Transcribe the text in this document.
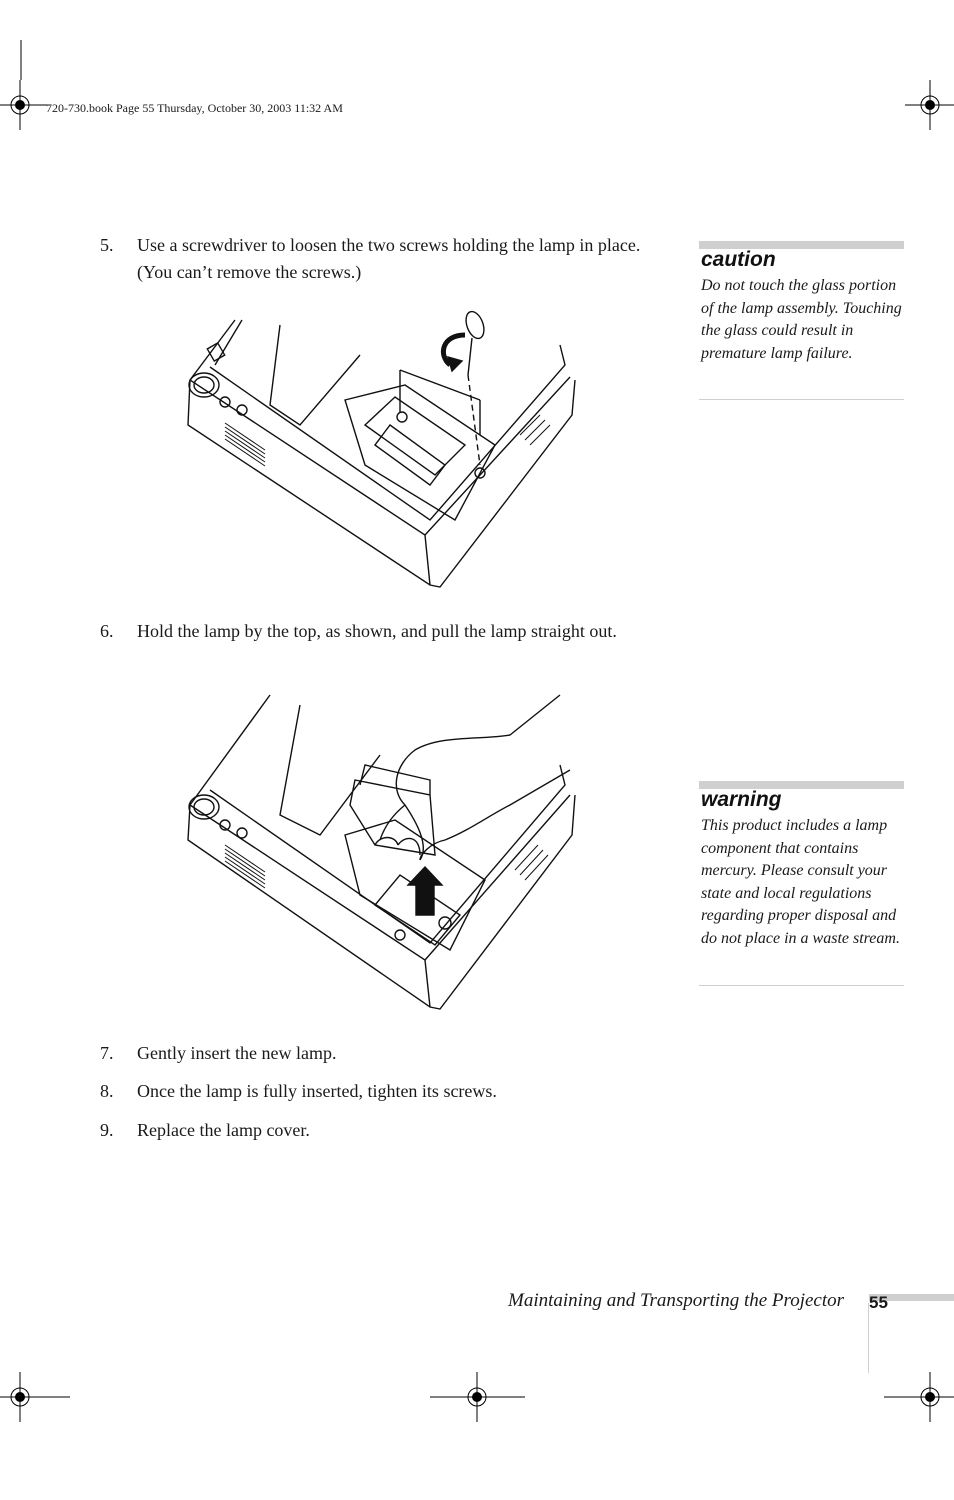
720-730.book Page 55 Thursday, October 30, 2003 11:32 AM
5. Use a screwdriver to loosen the two screws holding the lamp in place. (You can’t remove the screws.)
6. Hold the lamp by the top, as shown, and pull the lamp straight out.
7. Gently insert the new lamp.
8. Once the lamp is fully inserted, tighten its screws.
9. Replace the lamp cover.
caution
Do not touch the glass portion of the lamp assembly. Touching the glass could result in premature lamp failure.
warning
This product includes a lamp component that contains mercury. Please consult your state and local regulations regarding proper disposal and do not place in a waste stream.
Maintaining and Transporting the Projector 55
